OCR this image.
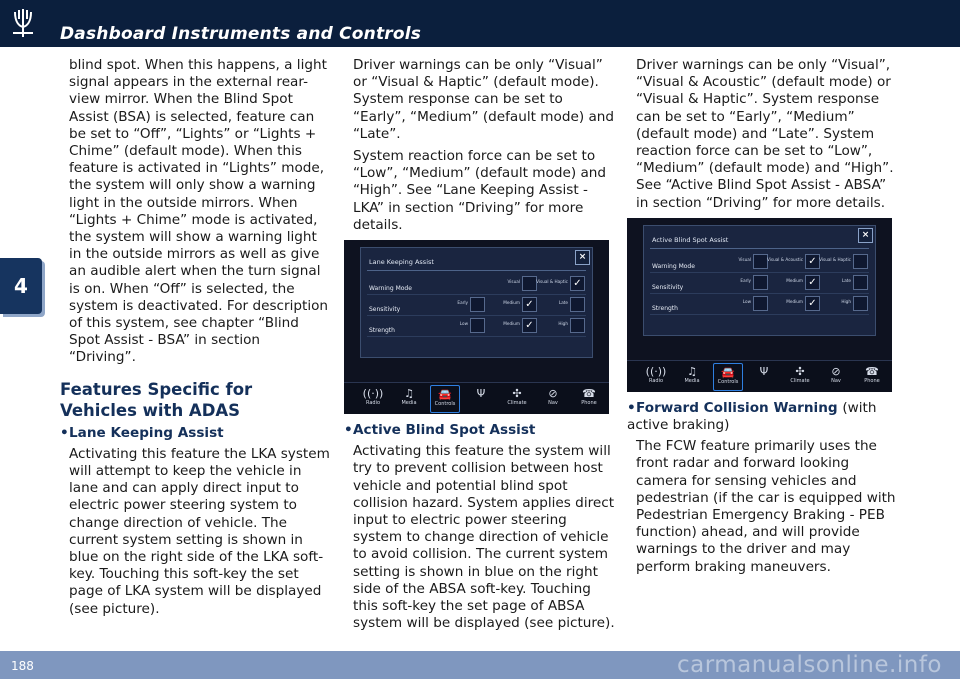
Dashboard Instruments and Controls
4

blind spot. When this happens, a light signal appears in the external rear-view mirror. When the Blind Spot Assist (BSA) is selected, feature can be set to “Off”, “Lights” or “Lights + Chime” (default mode). When this feature is activated in “Lights” mode, the system will only show a warning light in the outside mirrors. When “Lights + Chime” mode is activated, the system will show a warning light in the outside mirrors as well as give an audible alert when the turn signal is on. When “Off” is selected, the system is deactivated. For description of this system, see chapter “Blind Spot Assist - BSA” in section “Driving”.

Features Specific for Vehicles with ADAS

•Lane Keeping Assist

Activating this feature the LKA system will attempt to keep the vehicle in lane and can apply direct input to electric power steering system to change direction of vehicle. The current system setting is shown in blue on the right side of the LKA soft-key. Touching this soft-key the set page of LKA system will be displayed (see picture).

Driver warnings can be only “Visual” or “Visual & Haptic” (default mode). System response can be set to “Early”, “Medium” (default mode) and “Late”.

System reaction force can be set to “Low”, “Medium” (default mode) and “High”. See “Lane Keeping Assist - LKA” in section “Driving” for more details.

Lane Keeping Assist	×
Warning Mode
Visual	Visual & Haptic ✓
Sensitivity
Early	Medium ✓	Late
Strength
Low	Medium ✓	High
((·))
Radio
♫
Media
🚘
Controls
Ψ	✣
Climate
⊘
Nav
☎
Phone

•Active Blind Spot Assist

Activating this feature the system will try to prevent collision between host vehicle and potential blind spot collision hazard. System applies direct input to electric power steering system to change direction of vehicle to avoid collision. The current system setting is shown in blue on the right side of the ABSA soft-key. Touching this soft-key the set page of ABSA system will be displayed (see picture).

Driver warnings can be only “Visual”, “Visual & Acoustic” (default mode) or “Visual & Haptic”. System response can be set to “Early”, “Medium” (default mode) and “Late”. System reaction force can be set to “Low”, “Medium” (default mode) and “High”. See “Active Blind Spot Assist - ABSA” in section “Driving” for more details.

Active Blind Spot Assist	×
Warning Mode
Visual	Visual & Acoustic ✓ Visual & Haptic
Sensitivity
Early	Medium ✓	Late
Strength
Low	Medium ✓	High
((·))
Radio
♫
Media
🚘
Controls
Ψ	✣
Climate
⊘
Nav
☎
Phone

•Forward Collision Warning (with active braking)

The FCW feature primarily uses the front radar and forward looking camera for sensing vehicles and pedestrian (if the car is equipped with Pedestrian Emergency Braking - PEB function) ahead, and will provide warnings to the driver and may perform braking maneuvers.

188	carmanualsonline.info
